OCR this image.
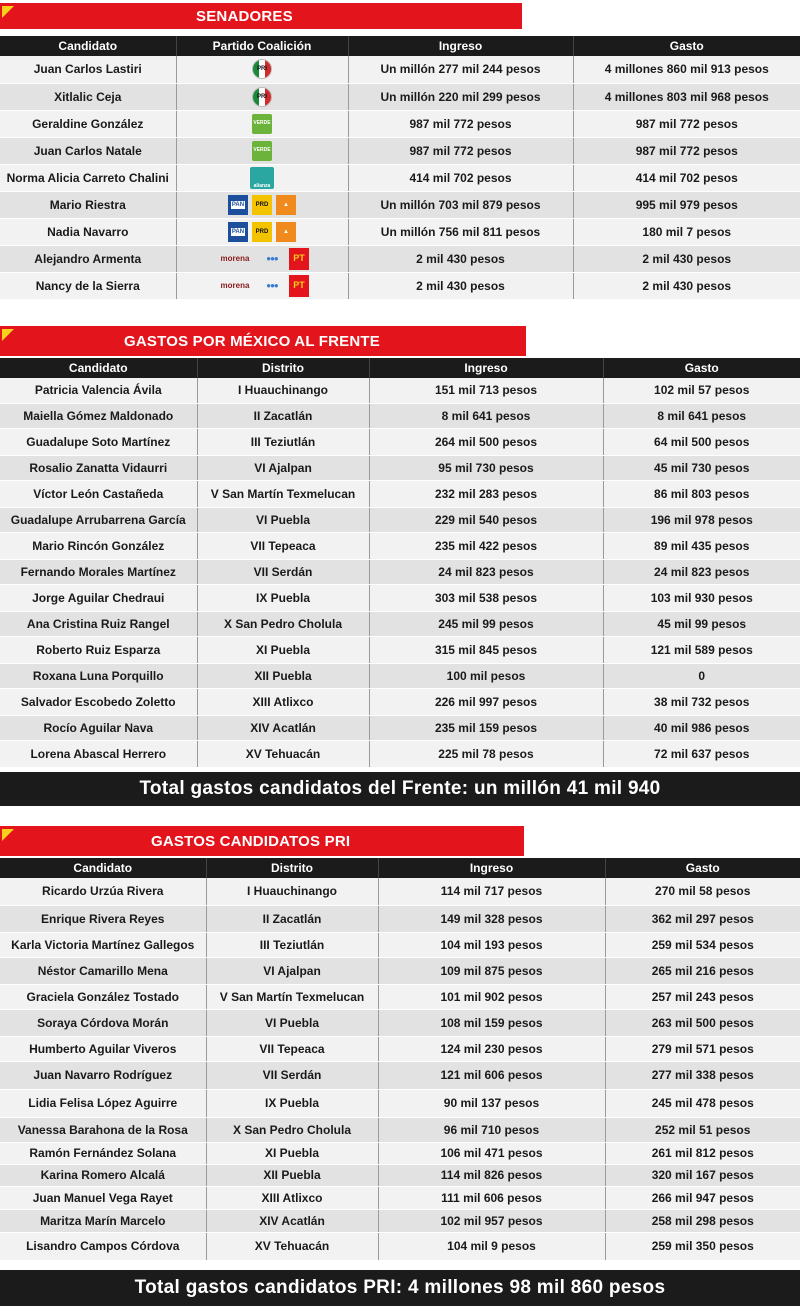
SENADORES
Candidato	Partido Coalición	Ingreso	Gasto
Juan Carlos Lastiri	PRI	Un millón 277 mil 244 pesos	4 millones 860 mil 913 pesos
Xitlalic Ceja	PRI	Un millón 220 mil 299 pesos	4 millones 803 mil 968 pesos
Geraldine González	VERDE	987 mil 772 pesos	987 mil 772 pesos
Juan Carlos Natale	VERDE	987 mil 772 pesos	987 mil 772 pesos
Norma Alicia Carreto Chalini	alianza	414 mil 702 pesos	414 mil 702 pesos
Mario Riestra	PAN PRD ▲	Un millón 703 mil 879 pesos	995 mil 979 pesos
Nadia Navarro	PAN PRD ▲	Un millón 756 mil 811 pesos	180 mil 7 pesos
Alejandro Armenta	morena ●●● PT	2 mil 430 pesos	2 mil 430 pesos
Nancy de la Sierra	morena ●●● PT	2 mil 430 pesos	2 mil 430 pesos
GASTOS POR MÉXICO AL FRENTE
Candidato	Distrito	Ingreso	Gasto
Patricia Valencia Ávila	I Huauchinango	151 mil 713 pesos	102 mil 57 pesos
Maiella Gómez Maldonado	II Zacatlán	8 mil 641 pesos	8 mil 641 pesos
Guadalupe Soto Martínez	III Teziutlán	264 mil 500 pesos	64 mil 500 pesos
Rosalio Zanatta Vidaurri	VI Ajalpan	95 mil 730 pesos	45 mil 730 pesos
Víctor León Castañeda	V San Martín Texmelucan	232 mil 283 pesos	86 mil 803 pesos
Guadalupe Arrubarrena García	VI Puebla	229 mil 540 pesos	196 mil 978 pesos
Mario Rincón González	VII Tepeaca	235 mil 422 pesos	89 mil 435 pesos
Fernando Morales Martínez	VII Serdán	24 mil 823 pesos	24 mil 823 pesos
Jorge Aguilar Chedraui	IX Puebla	303 mil 538 pesos	103 mil 930 pesos
Ana Cristina Ruiz Rangel	X San Pedro Cholula	245 mil 99 pesos	45 mil 99 pesos
Roberto Ruiz Esparza	XI Puebla	315 mil 845 pesos	121 mil 589 pesos
Roxana Luna Porquillo	XII Puebla	100 mil pesos	0
Salvador Escobedo Zoletto	XIII Atlixco	226 mil 997 pesos	38 mil 732 pesos
Rocío Aguilar Nava	XIV Acatlán	235 mil 159 pesos	40 mil 986 pesos
Lorena Abascal Herrero	XV Tehuacán	225 mil 78 pesos	72 mil 637 pesos
Total gastos candidatos del Frente: un millón 41 mil 940
GASTOS CANDIDATOS PRI
Candidato	Distrito	Ingreso	Gasto
Ricardo Urzúa Rivera	I Huauchinango	114 mil 717 pesos	270 mil 58 pesos
Enrique Rivera Reyes	II Zacatlán	149 mil 328 pesos	362 mil 297 pesos
Karla Victoria Martínez Gallegos	III Teziutlán	104 mil 193 pesos	259 mil 534 pesos
Néstor Camarillo Mena	VI Ajalpan	109 mil 875 pesos	265 mil 216 pesos
Graciela González Tostado	V San Martín Texmelucan	101 mil 902 pesos	257 mil 243 pesos
Soraya Córdova Morán	VI Puebla	108 mil 159 pesos	263 mil 500 pesos
Humberto Aguilar Viveros	VII Tepeaca	124 mil 230 pesos	279 mil 571 pesos
Juan Navarro Rodríguez	VII Serdán	121 mil 606 pesos	277 mil 338 pesos
Lidia Felisa López Aguirre	IX Puebla	90 mil 137 pesos	245 mil 478 pesos
Vanessa Barahona de la Rosa	X San Pedro Cholula	96 mil 710 pesos	252 mil 51 pesos
Ramón Fernández Solana	XI Puebla	106 mil 471 pesos	261 mil 812 pesos
Karina Romero Alcalá	XII Puebla	114 mil 826 pesos	320 mil 167 pesos
Juan Manuel Vega Rayet	XIII Atlixco	111 mil 606 pesos	266 mil 947 pesos
Maritza Marín Marcelo	XIV Acatlán	102 mil 957 pesos	258 mil 298 pesos
Lisandro Campos Córdova	XV Tehuacán	104 mil 9 pesos	259 mil 350 pesos
Total gastos candidatos PRI: 4 millones 98 mil 860 pesos
